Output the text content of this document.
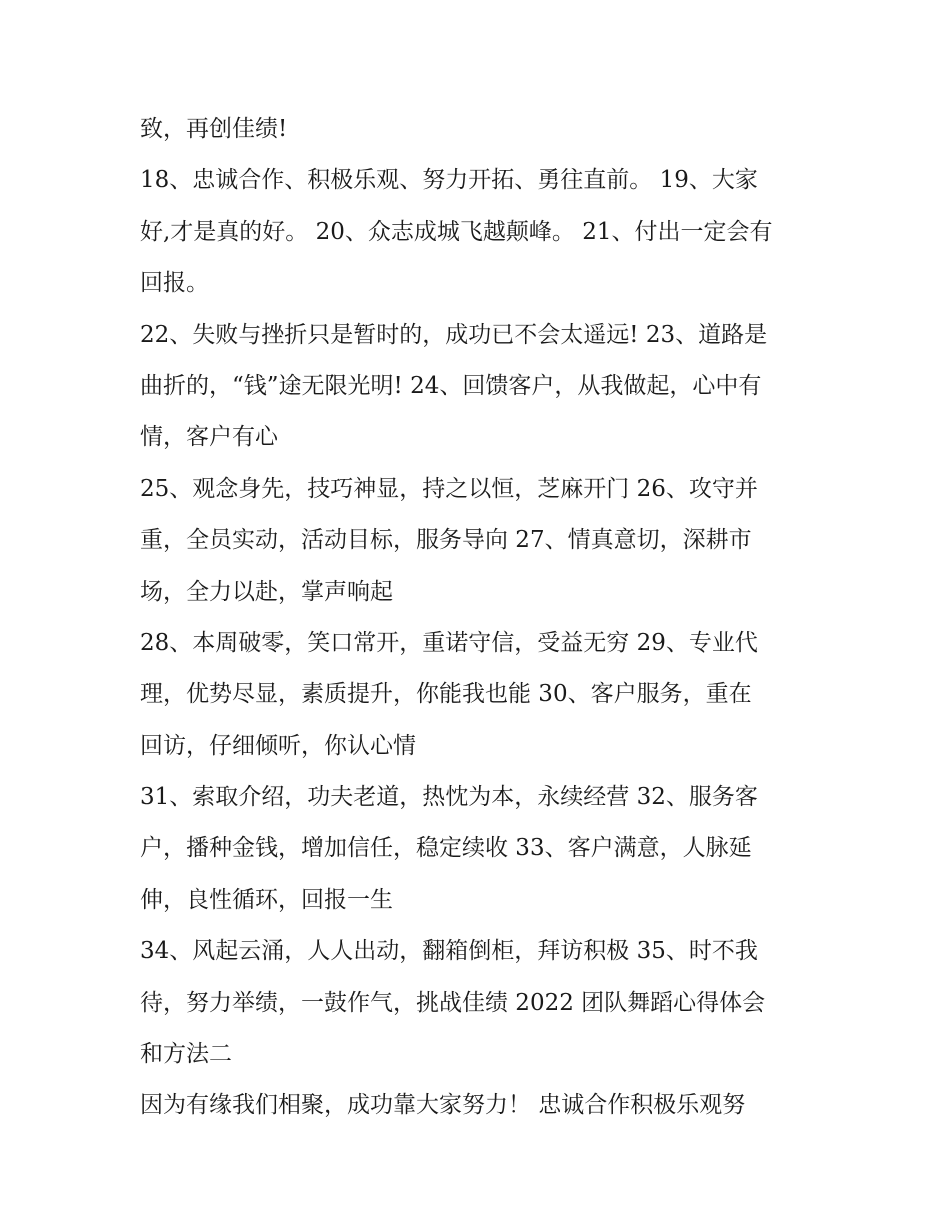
致，再创佳绩!
18、忠诚合作、积极乐观、努力开拓、勇往直前。 19、大家
好,才是真的好。 20、众志成城飞越颠峰。 21、付出一定会有
回报。
22、失败与挫折只是暂时的，成功已不会太遥远! 23、道路是
曲折的，“钱”途无限光明! 24、回馈客户，从我做起，心中有
情，客户有心
25、观念身先，技巧神显，持之以恒，芝麻开门 26、攻守并
重，全员实动，活动目标，服务导向 27、情真意切，深耕市
场，全力以赴，掌声响起
28、本周破零，笑口常开，重诺守信，受益无穷 29、专业代
理，优势尽显，素质提升，你能我也能 30、客户服务，重在
回访，仔细倾听，你认心情
31、索取介绍，功夫老道，热忱为本，永续经营 32、服务客
户，播种金钱，增加信任，稳定续收 33、客户满意，人脉延
伸，良性循环，回报一生
34、风起云涌，人人出动，翻箱倒柜，拜访积极 35、时不我
待，努力举绩，一鼓作气，挑战佳绩 2022 团队舞蹈心得体会
和方法二
因为有缘我们相聚，成功靠大家努力！ 忠诚合作积极乐观努
